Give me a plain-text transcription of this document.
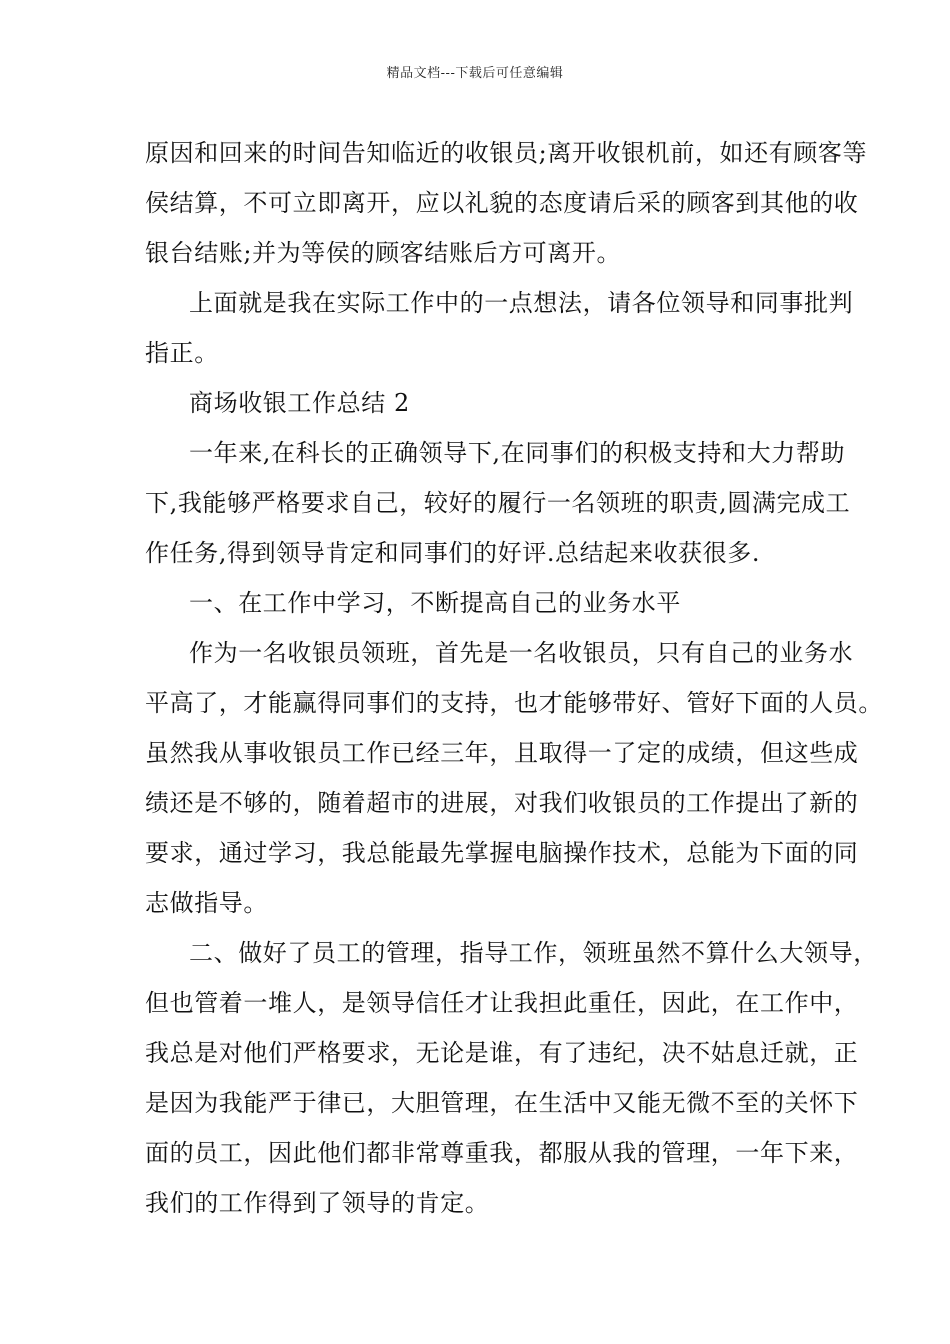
精品文档---下载后可任意编辑
原因和回来的时间告知临近的收银员;离开收银机前，如还有顾客等
侯结算，不可立即离开，应以礼貌的态度请后采的顾客到其他的收
银台结账;并为等侯的顾客结账后方可离开。
上面就是我在实际工作中的一点想法，请各位领导和同事批判
指正。
商场收银工作总结 2
一年来,在科长的正确领导下,在同事们的积极支持和大力帮助
下,我能够严格要求自己，较好的履行一名领班的职责,圆满完成工
作任务,得到领导肯定和同事们的好评.总结起来收获很多.
一、在工作中学习，不断提高自己的业务水平
作为一名收银员领班，首先是一名收银员，只有自己的业务水
平高了，才能赢得同事们的支持，也才能够带好、管好下面的人员。
虽然我从事收银员工作已经三年，且取得一了定的成绩，但这些成
绩还是不够的，随着超市的进展，对我们收银员的工作提出了新的
要求，通过学习，我总能最先掌握电脑操作技术，总能为下面的同
志做指导。
二、做好了员工的管理，指导工作，领班虽然不算什么大领导，
但也管着一堆人，是领导信任才让我担此重任，因此，在工作中，
我总是对他们严格要求，无论是谁，有了违纪，决不姑息迁就，正
是因为我能严于律已，大胆管理，在生活中又能无微不至的关怀下
面的员工，因此他们都非常尊重我，都服从我的管理，一年下来，
我们的工作得到了领导的肯定。
